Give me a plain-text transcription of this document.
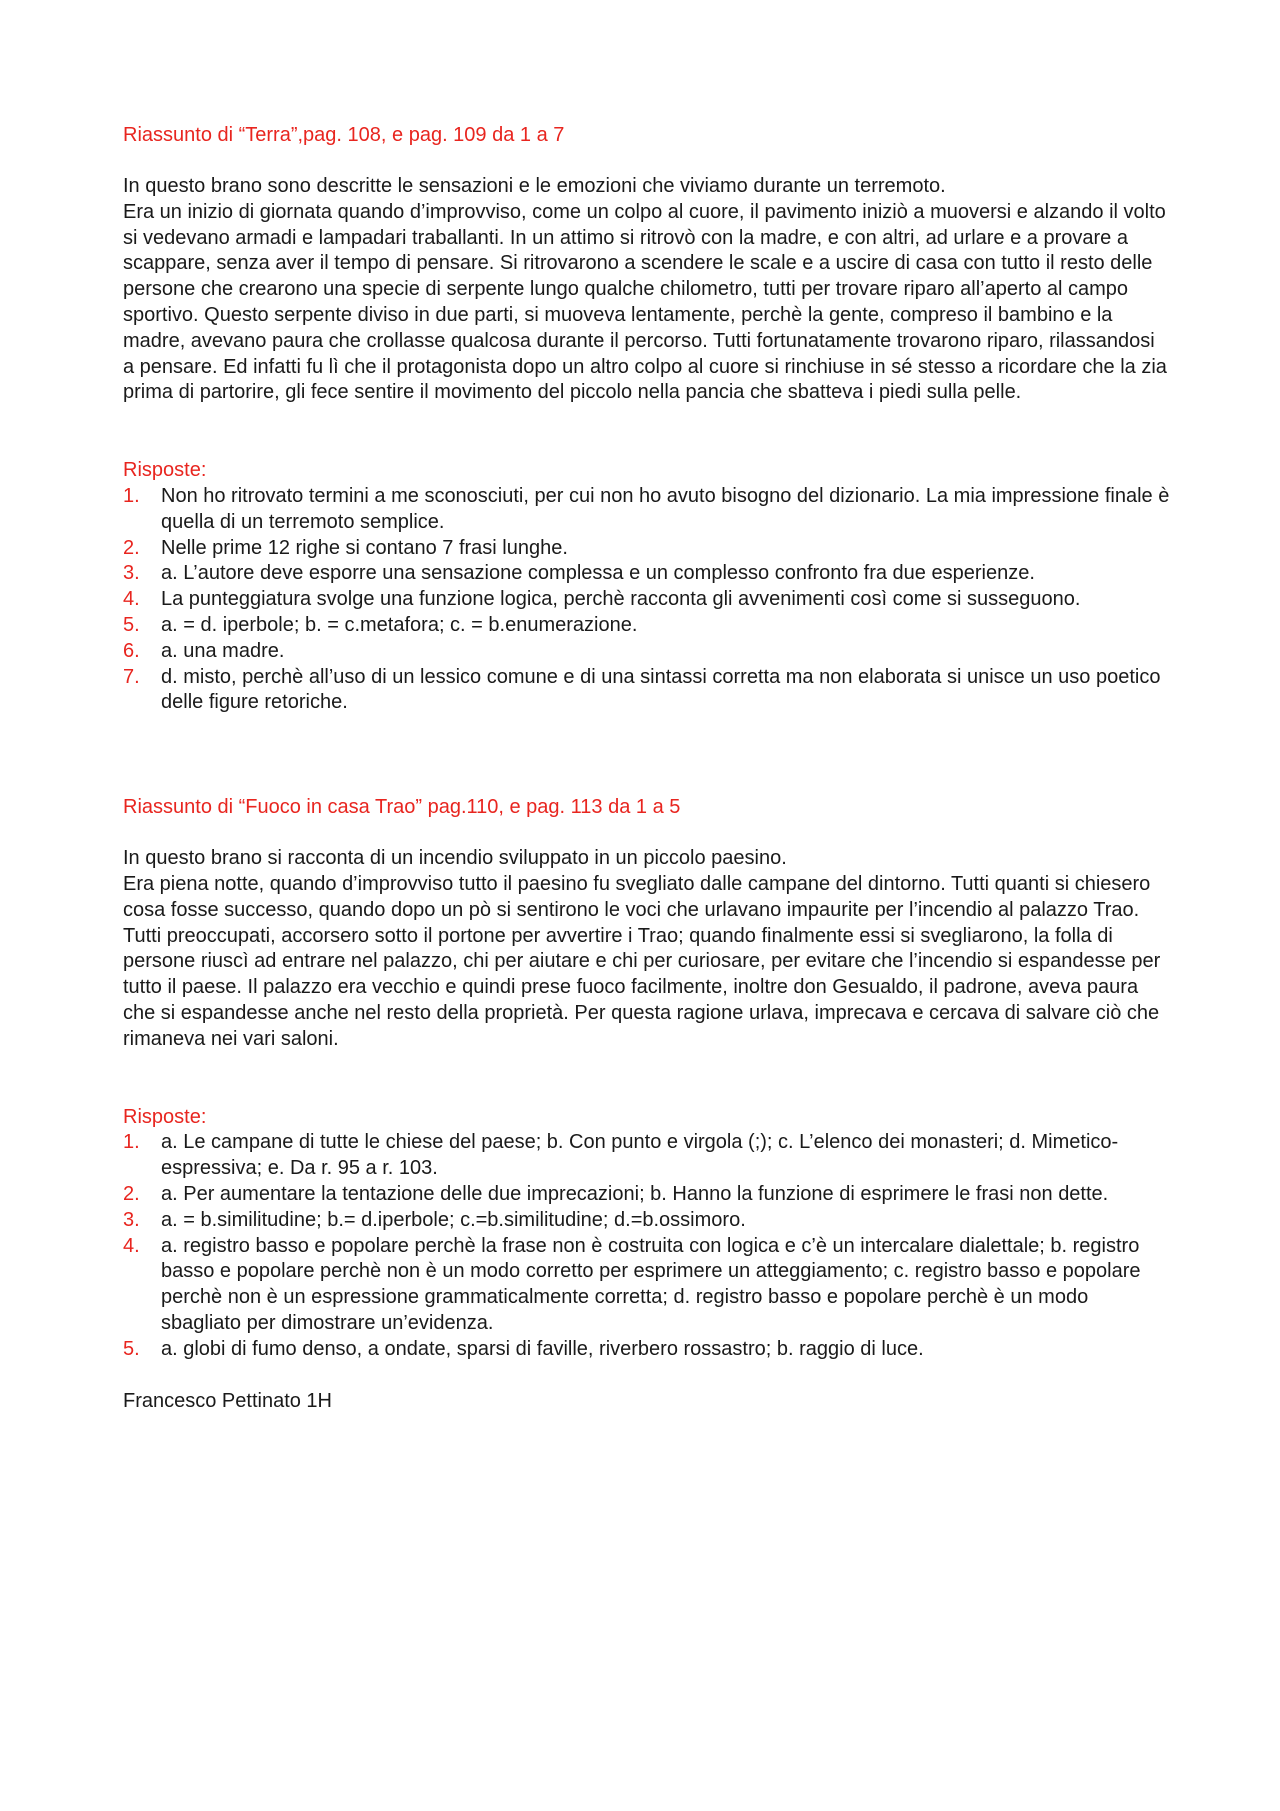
Riassunto di “Terra”,pag. 108, e pag. 109 da 1 a 7

In questo brano sono descritte le sensazioni e le emozioni che viviamo durante un terremoto.

Era un inizio di giornata quando d’improvviso, come un colpo al cuore, il pavimento iniziò a muoversi e alzando il volto si vedevano armadi e lampadari traballanti. In un attimo si ritrovò con la madre, e con altri, ad urlare e a provare a scappare, senza aver il tempo di pensare. Si ritrovarono a scendere le scale e a uscire di casa con tutto il resto delle persone che crearono una specie di serpente lungo qualche chilometro, tutti per trovare riparo all’aperto al campo sportivo. Questo serpente diviso in due parti, si muoveva lentamente, perchè la gente, compreso il bambino e la madre, avevano paura che crollasse qualcosa durante il percorso. Tutti fortunatamente trovarono riparo, rilassandosi a pensare. Ed infatti fu lì che il protagonista dopo un altro colpo al cuore si rinchiuse in sé stesso a ricordare che la zia prima di partorire, gli fece sentire il movimento del piccolo nella pancia che sbatteva i piedi sulla pelle.

Risposte:

1.	Non ho ritrovato termini a me sconosciuti, per cui non ho avuto bisogno del dizionario. La mia impressione finale è quella di un terremoto semplice.
2.	Nelle prime 12 righe si contano 7 frasi lunghe.
3.	a. L’autore deve esporre una sensazione complessa e un complesso confronto fra due esperienze.
4.	La punteggiatura svolge una funzione logica, perchè racconta gli avvenimenti così come si susseguono.
5.	a. = d. iperbole; b. = c.metafora; c. = b.enumerazione.
6.	a. una madre.
7.	d. misto, perchè all’uso di un lessico comune e di una sintassi corretta ma non elaborata si unisce un uso poetico delle figure retoriche.
Riassunto di “Fuoco in casa Trao” pag.110, e pag. 113 da 1 a 5

In questo brano si racconta di un incendio sviluppato in un piccolo paesino.

Era piena notte, quando d’improvviso tutto il paesino fu svegliato dalle campane del dintorno. Tutti quanti si chiesero cosa fosse successo, quando dopo un pò si sentirono le voci che urlavano impaurite per l’incendio al palazzo Trao. Tutti preoccupati, accorsero sotto il portone per avvertire i Trao; quando finalmente essi si svegliarono, la folla di persone riuscì ad entrare nel palazzo, chi per aiutare e chi per curiosare, per evitare che l’incendio si espandesse per tutto il paese. Il palazzo era vecchio e quindi prese fuoco facilmente, inoltre don Gesualdo, il padrone, aveva paura che si espandesse anche nel resto della proprietà. Per questa ragione urlava, imprecava e cercava di salvare ciò che rimaneva nei vari saloni.

Risposte:

1.	a. Le campane di tutte le chiese del paese; b. Con punto e virgola (;); c. L’elenco dei monasteri; d. Mimetico-espressiva; e. Da r. 95 a r. 103.
2.	a. Per aumentare la tentazione delle due imprecazioni; b. Hanno la funzione di esprimere le frasi non dette.
3.	a. = b.similitudine; b.= d.iperbole; c.=b.similitudine; d.=b.ossimoro.
4.	a. registro basso e popolare perchè la frase non è costruita con logica e c’è un intercalare dialettale; b. registro basso e popolare perchè non è un modo corretto per esprimere un atteggiamento; c. registro basso e popolare perchè non è un espressione grammaticalmente corretta; d. registro basso e popolare perchè è un modo sbagliato per dimostrare un’evidenza.
5.	a. globi di fumo denso, a ondate, sparsi di faville, riverbero rossastro; b. raggio di luce.

Francesco Pettinato 1H
